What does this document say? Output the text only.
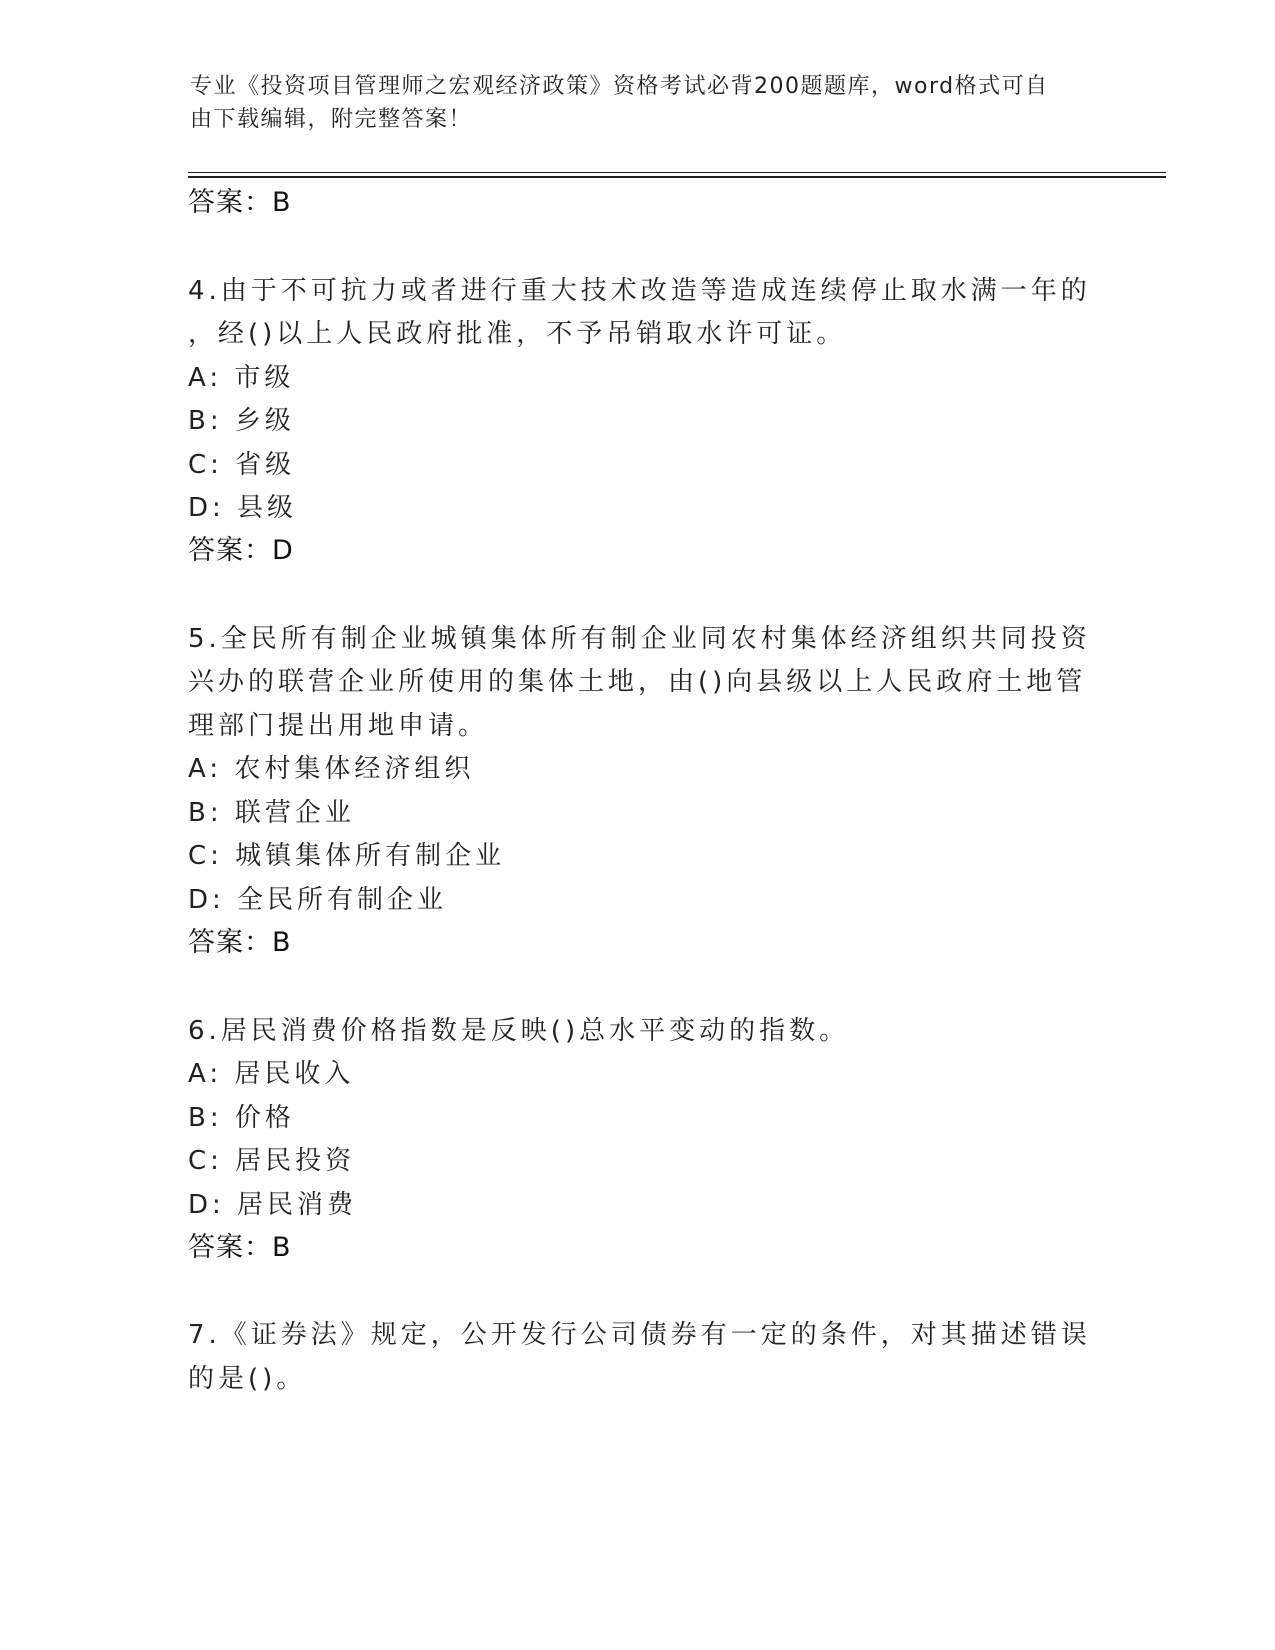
专业《投资项目管理师之宏观经济政策》资格考试必背200题题库，word格式可自由下载编辑，附完整答案！
答案：B
4.由于不可抗力或者进行重大技术改造等造成连续停止取水满一年的
，经()以上人民政府批准，不予吊销取水许可证。
A: 市级
B: 乡级
C: 省级
D: 县级
答案：D
5.全民所有制企业城镇集体所有制企业同农村集体经济组织共同投资
兴办的联营企业所使用的集体土地，由()向县级以上人民政府土地管
理部门提出用地申请。
A: 农村集体经济组织
B: 联营企业
C: 城镇集体所有制企业
D: 全民所有制企业
答案：B
6.居民消费价格指数是反映()总水平变动的指数。
A: 居民收入
B: 价格
C: 居民投资
D: 居民消费
答案：B
7.《证券法》规定，公开发行公司债券有一定的条件，对其描述错误
的是()。
